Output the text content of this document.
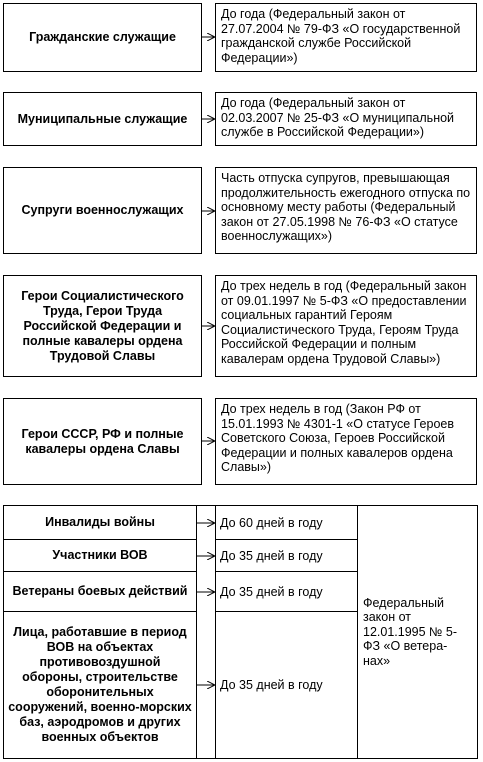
Гражданские служащие
До года (Федеральный закон от 27.07.2004 № 79-ФЗ «О государственной гражданской службе Российской Федерации»)
Муниципальные служащие
До года (Федеральный закон от 02.03.2007 № 25-ФЗ «О муниципальной службе в Российской Федерации»)
Супруги военнослужащих
Часть отпуска супругов, превышающая продолжительность ежегодного отпуска по основному месту работы (Федеральный закон от 27.05.1998 № 76-ФЗ «О статусе военнослужащих»)
Герои Социалистического Труда, Герои Труда Российской Федерации и полные кавалеры ордена Трудовой Славы
До трех недель в год (Федеральный закон от 09.01.1997 № 5-ФЗ «О предоставлении социальных гарантий Героям Социалистического Труда, Героям Труда Российской Федерации и полным кавалерам ордена Трудовой Славы»)
Герои СССР, РФ и полные кавалеры ордена Славы
До трех недель в год (Закон РФ от 15.01.1993 № 4301-1 «О статусе Героев Советского Союза, Героев Российской Федерации и полных кавалеров ордена Славы»)
Инвалиды войны
Участники ВОВ
Ветераны боевых действий
Лица, работавшие в период ВОВ на объектах противовоздушной обороны, строительстве оборонительных сооружений, военно-морских баз, аэродромов и других военных объектов
До 60 дней в году
До 35 дней в году
До 35 дней в году
До 35 дней в году
Федеральный закон от 12.01.1995 № 5-ФЗ «О ветеранах»
